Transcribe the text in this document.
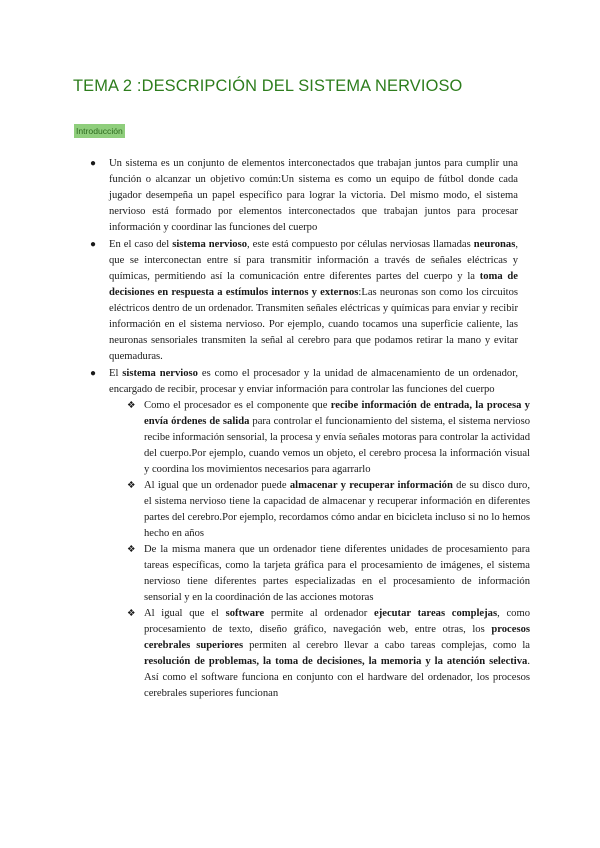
TEMA 2 :DESCRIPCIÓN DEL SISTEMA NERVIOSO
Introducción
● Un sistema es un conjunto de elementos interconectados que trabajan juntos para cumplir una función o alcanzar un objetivo común:Un sistema es como un equipo de fútbol donde cada jugador desempeña un papel específico para lograr la victoria. Del mismo modo, el sistema nervioso está formado por elementos interconectados que trabajan juntos para procesar información y coordinar las funciones del cuerpo
● En el caso del sistema nervioso, este está compuesto por células nerviosas llamadas neuronas, que se interconectan entre sí para transmitir información a través de señales eléctricas y químicas, permitiendo así la comunicación entre diferentes partes del cuerpo y la toma de decisiones en respuesta a estímulos internos y externos:Las neuronas son como los circuitos eléctricos dentro de un ordenador. Transmiten señales eléctricas y químicas para enviar y recibir información en el sistema nervioso. Por ejemplo, cuando tocamos una superficie caliente, las neuronas sensoriales transmiten la señal al cerebro para que podamos retirar la mano y evitar quemaduras.
● El sistema nervioso es como el procesador y la unidad de almacenamiento de un ordenador, encargado de recibir, procesar y enviar información para controlar las funciones del cuerpo
❖ Como el procesador es el componente que recibe información de entrada, la procesa y envía órdenes de salida para controlar el funcionamiento del sistema, el sistema nervioso recibe información sensorial, la procesa y envía señales motoras para controlar la actividad del cuerpo.Por ejemplo, cuando vemos un objeto, el cerebro procesa la información visual y coordina los movimientos necesarios para agarrarlo
❖ Al igual que un ordenador puede almacenar y recuperar información de su disco duro, el sistema nervioso tiene la capacidad de almacenar y recuperar información en diferentes partes del cerebro.Por ejemplo, recordamos cómo andar en bicicleta incluso si no lo hemos hecho en años
❖ De la misma manera que un ordenador tiene diferentes unidades de procesamiento para tareas específicas, como la tarjeta gráfica para el procesamiento de imágenes, el sistema nervioso tiene diferentes partes especializadas en el procesamiento de información sensorial y en la coordinación de las acciones motoras
❖ Al igual que el software permite al ordenador ejecutar tareas complejas, como procesamiento de texto, diseño gráfico, navegación web, entre otras, los procesos cerebrales superiores permiten al cerebro llevar a cabo tareas complejas, como la resolución de problemas, la toma de decisiones, la memoria y la atención selectiva. Así como el software funciona en conjunto con el hardware del ordenador, los procesos cerebrales superiores funcionan
